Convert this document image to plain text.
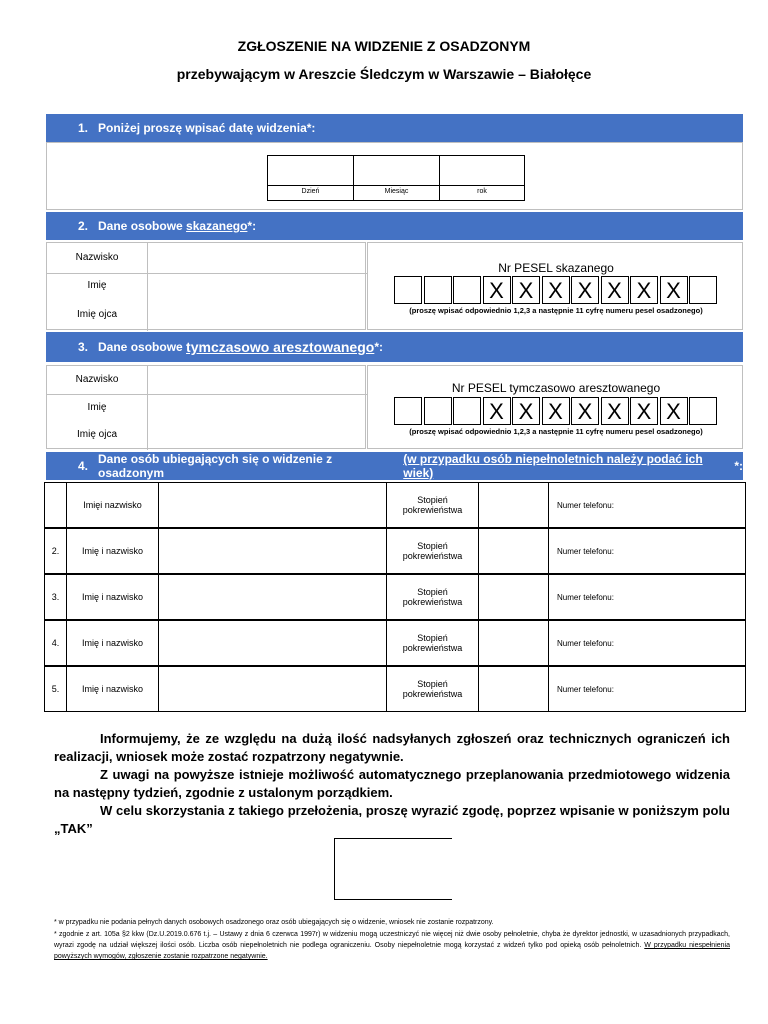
ZGŁOSZENIE NA WIDZENIE Z OSADZONYM
przebywającym w Areszcie Śledczym w Warszawie – Białołęce
1. Poniżej proszę wpisać datę widzenia*:
Dzień	Miesiąc	rok
2. Dane osobowe
skazanego *:
Nazwisko
Imię
Imię ojca
Nr PESEL skazanego
X X X X X X X
(proszę wpisać odpowiednio 1,2,3 a następnie 11 cyfrę numeru pesel osadzonego)
3. Dane osobowe
tymczasowo aresztowanego *:
Nazwisko
Imię
Imię ojca
Nr PESEL tymczasowo aresztowanego
X X X X X X X
(proszę wpisać odpowiednio 1,2,3 a następnie 11 cyfrę numeru pesel osadzonego)
4. Dane osób ubiegających się o widzenie z osadzonym

(w przypadku osób niepełnoletnich należy podać ich wiek)	*:
Imięi nazwisko	Stopień
pokrewieństwa	Numer telefonu:
2.	Imię i nazwisko	Stopień
pokrewieństwa	Numer telefonu:
3.	Imię i nazwisko	Stopień
pokrewieństwa	Numer telefonu:
4.	Imię i nazwisko	Stopień
pokrewieństwa	Numer telefonu:
5.	Imię i nazwisko	Stopień
pokrewieństwa	Numer telefonu:
Informujemy, że ze względu na dużą ilość nadsyłanych zgłoszeń oraz technicznych ograniczeń ich realizacji, wniosek może zostać rozpatrzony negatywnie.
Z uwagi na powyższe istnieje możliwość automatycznego przeplanowania przedmiotowego widzenia na następny tydzień, zgodnie z ustalonym porządkiem.
W celu skorzystania z takiego przełożenia, proszę wyrazić zgodę, poprzez wpisanie w poniższym polu „TAK”
* w przypadku nie podania pełnych danych osobowych osadzonego oraz osób ubiegających się o widzenie, wniosek nie zostanie rozpatrzony.
* zgodnie z art. 105a §2 kkw (Dz.U.2019.0.676 t.j. – Ustawy z dnia 6 czerwca 1997r) w widzeniu mogą uczestniczyć nie więcej niż dwie osoby pełnoletnie, chyba że dyrektor jednostki, w uzasadnionych przypadkach, wyrazi zgodę na udział większej ilości osób. Liczba osób niepełnoletnich nie podlega ograniczeniu. Osoby niepełnoletnie mogą korzystać z widzeń tylko pod opieką osób pełnoletnich. W przypadku niespełnienia powyższych wymogów, zgłoszenie zostanie rozpatrzone negatywnie.
